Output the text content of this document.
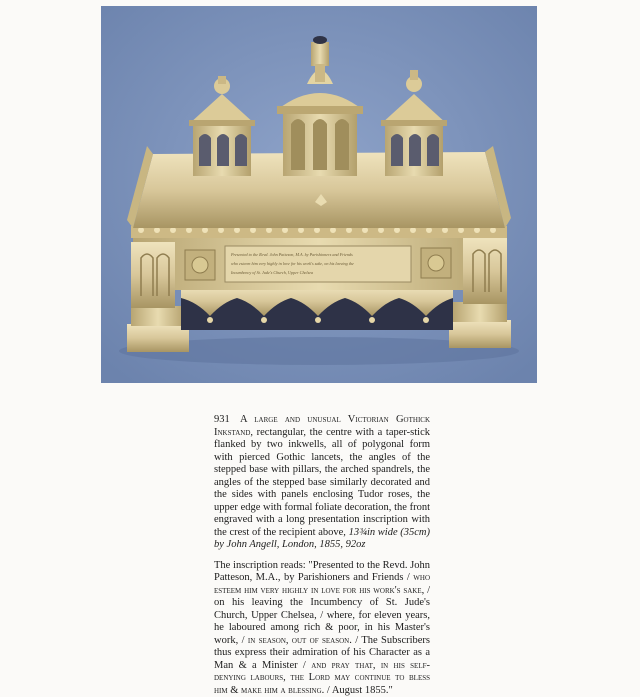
Presented to the Revd. John Patteson, M.A. by Parishioners and Friends
who esteem him very highly in love for his work's sake, on his leaving the
Incumbency of St. Jude's Church, Upper Chelsea

931 A large and unusual Victorian Gothick Inkstand, rectangular, the centre with a taper-stick flanked by two inkwells, all of polygonal form with pierced Gothic lancets, the angles of the stepped base with pillars, the arched spandrels, the angles of the stepped base similarly decorated and the sides with panels enclosing Tudor roses, the upper edge with formal foliate decoration, the front engraved with a long presentation inscription with the crest of the recipient above, 13¾in wide (35cm) by John Angell, London, 1855, 92oz

The inscription reads: "Presented to the Revd. John Patteson, M.A., by Parishioners and Friends / who esteem him very highly in love for his work's sake, / on his leaving the Incumbency of St. Jude's Church, Upper Chelsea, / where, for eleven years, he laboured among rich & poor, in his Master's work, / in season, out of season. / The Subscribers thus express their admiration of his Character as a Man & a Minister / and pray that, in his self-denying labours, the Lord may continue to bless him & make him a blessing. / August 1855."
